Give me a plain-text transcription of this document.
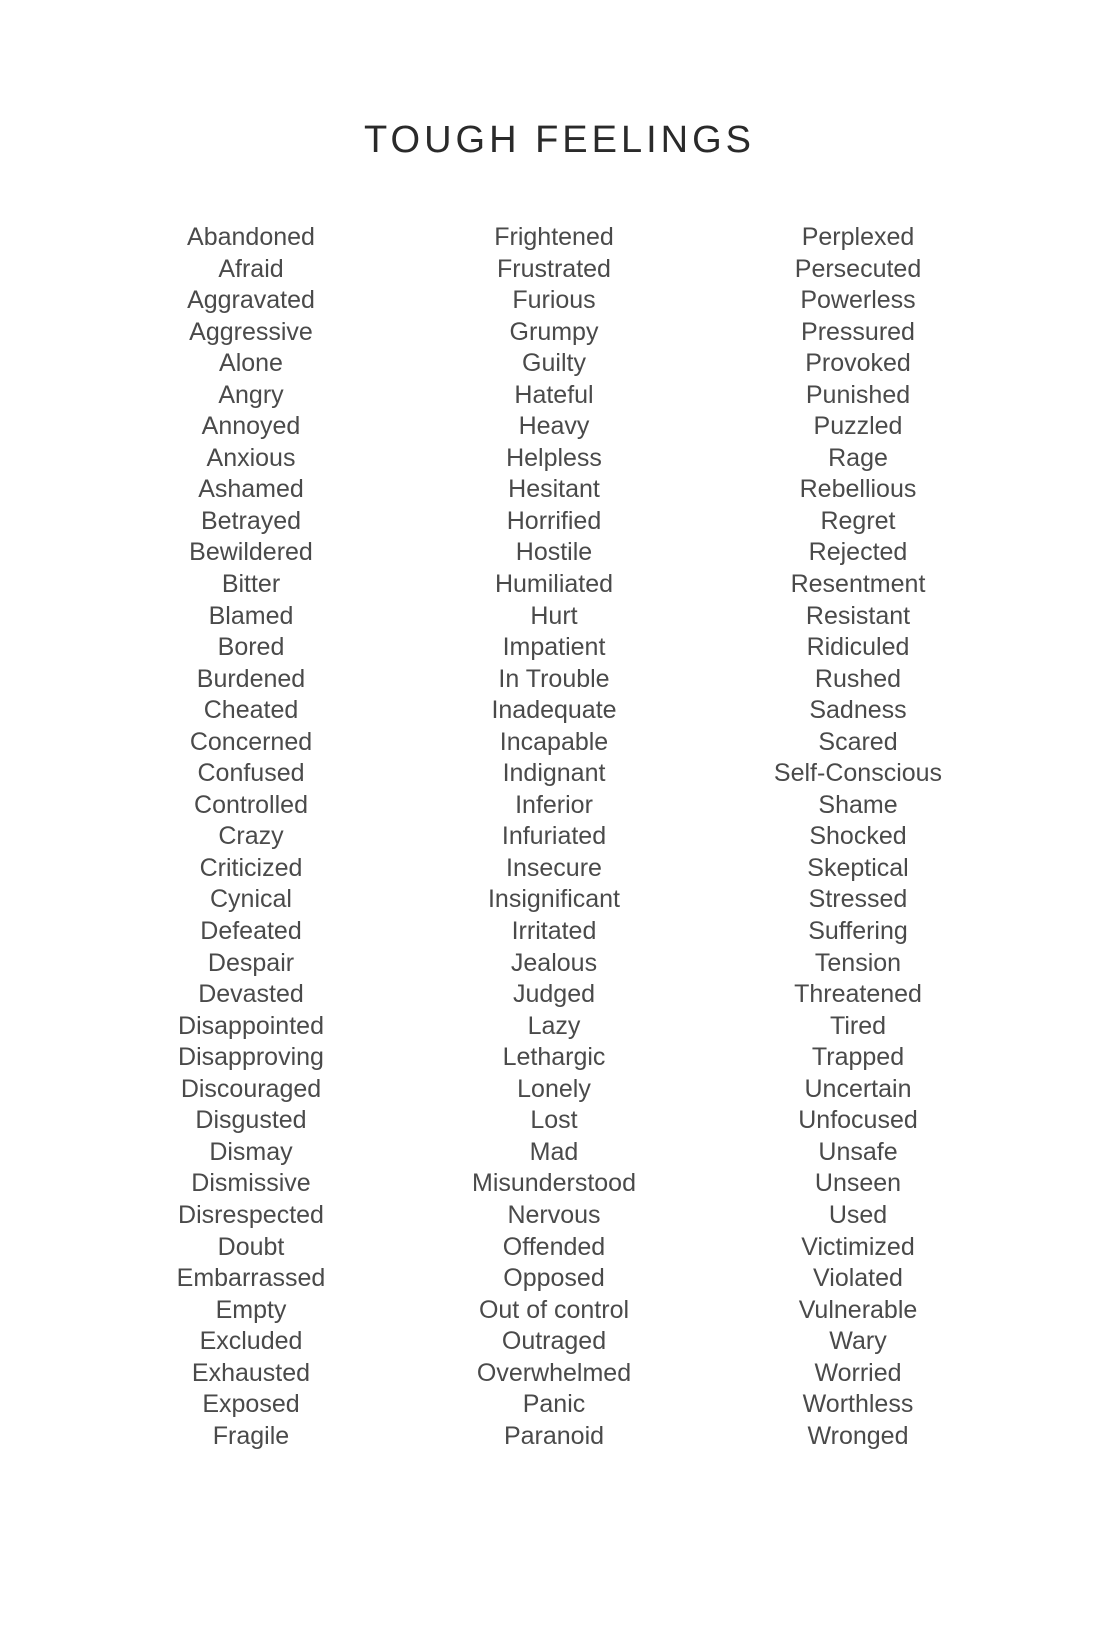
TOUGH FEELINGS
Abandoned
Afraid
Aggravated
Aggressive
Alone
Angry
Annoyed
Anxious
Ashamed
Betrayed
Bewildered
Bitter
Blamed
Bored
Burdened
Cheated
Concerned
Confused
Controlled
Crazy
Criticized
Cynical
Defeated
Despair
Devasted
Disappointed
Disapproving
Discouraged
Disgusted
Dismay
Dismissive
Disrespected
Doubt
Embarrassed
Empty
Excluded
Exhausted
Exposed
Fragile
Frightened
Frustrated
Furious
Grumpy
Guilty
Hateful
Heavy
Helpless
Hesitant
Horrified
Hostile
Humiliated
Hurt
Impatient
In Trouble
Inadequate
Incapable
Indignant
Inferior
Infuriated
Insecure
Insignificant
Irritated
Jealous
Judged
Lazy
Lethargic
Lonely
Lost
Mad
Misunderstood
Nervous
Offended
Opposed
Out of control
Outraged
Overwhelmed
Panic
Paranoid
Perplexed
Persecuted
Powerless
Pressured
Provoked
Punished
Puzzled
Rage
Rebellious
Regret
Rejected
Resentment
Resistant
Ridiculed
Rushed
Sadness
Scared
Self-Conscious
Shame
Shocked
Skeptical
Stressed
Suffering
Tension
Threatened
Tired
Trapped
Uncertain
Unfocused
Unsafe
Unseen
Used
Victimized
Violated
Vulnerable
Wary
Worried
Worthless
Wronged
